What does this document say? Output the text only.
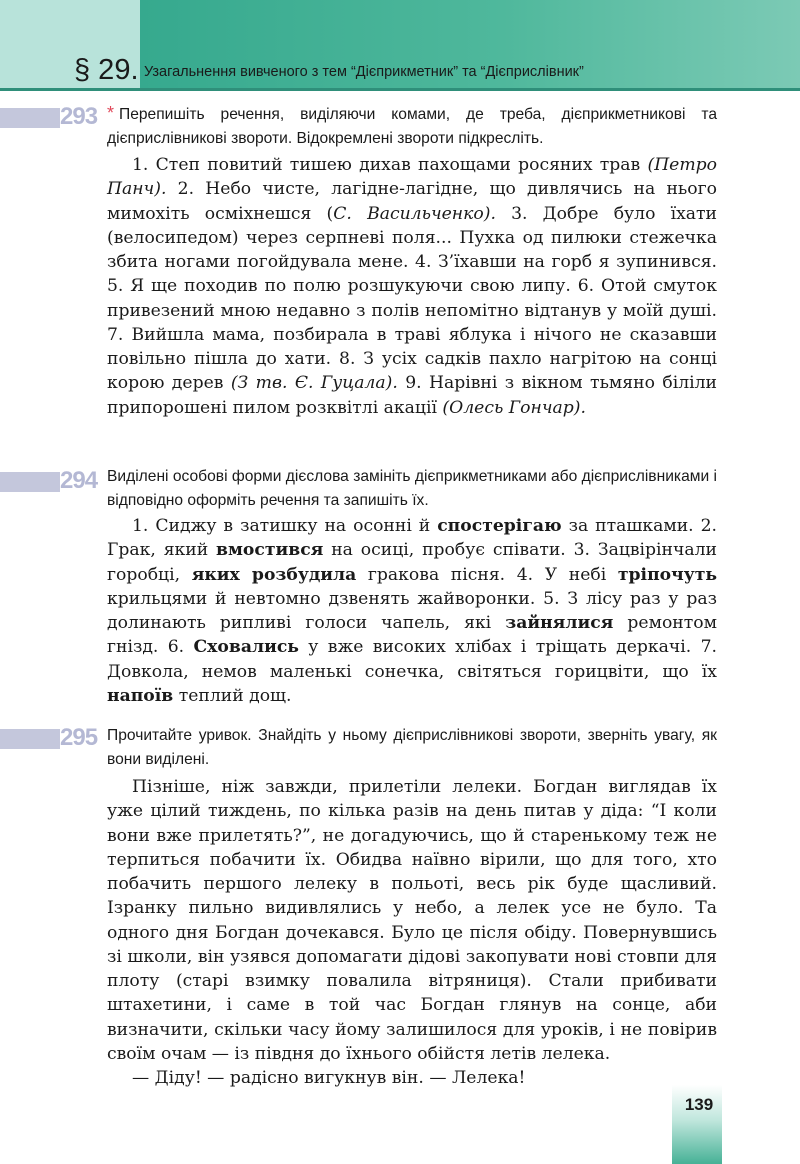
§ 29. Узагальнення вивченого з тем “Дієприкметник” та “Дієприслівник”
293 * Перепишіть речення, виділяючи комами, де треба, дієприкметникові та дієприслівникові звороти. Відокремлені звороти підкресліть.

1. Степ повитий тишею дихав пахощами росяних трав (Петро Панч). 2. Небо чисте, лагідне-лагідне, що дивлячись на нього мимохіть осміхнешся (С. Васильченко). 3. Добре було їхати (велосипедом) через серпневі поля... Пухка од пилюки стежечка збита ногами погойдувала мене. 4. З’їхавши на горб я зупинився. 5. Я ще походив по полю розшукуючи свою липу. 6. Отой смуток привезений мною недавно з полів непомітно відтанув у моїй душі. 7. Вийшла мама, позбирала в траві яблука і нічого не сказавши повільно пішла до хати. 8. З усіх садків пахло нагрітою на сонці корою дерев (З тв. Є. Гуцала). 9. Нарівні з вікном тьмяно біліли припорошені пилом розквітлі акації (Олесь Гончар).

294 Виділені особові форми дієслова замініть дієприкметниками або дієприслівниками і відповідно оформіть речення та запишіть їх.

1. Сиджу в затишку на осонні й спостерігаю за пташками. 2. Грак, який вмостився на осиці, пробує співати. 3. Зацвірінчали горобці, яких розбудила гракова пісня. 4. У небі тріпочуть крильцями й невтомно дзвенять жайворонки. 5. З лісу раз у раз долинають рипливі голоси чапель, які зайнялися ремонтом гнізд. 6. Сховались у вже високих хлібах і тріщать деркачі. 7. Довкола, немов маленькі сонечка, світяться горицвіти, що їх напоїв теплий дощ.

295 Прочитайте уривок. Знайдіть у ньому дієприслівникові звороти, зверніть увагу, як вони виділені.

Пізніше, ніж завжди, прилетіли лелеки. Богдан виглядав їх уже цілий тиждень, по кілька разів на день питав у діда: “І коли вони вже прилетять?”, не догадуючись, що й старенькому теж не терпиться побачити їх. Обидва наївно вірили, що для того, хто побачить першого лелеку в польоті, весь рік буде щасливий. Ізранку пильно видивлялись у небо, а лелек усе не було. Та одного дня Богдан дочекався. Було це після обіду. Повернувшись зі школи, він узявся допомагати дідові закопувати нові стовпи для плоту (старі взимку повалила вітряниця). Стали прибивати штахетини, і саме в той час Богдан глянув на сонце, аби визначити, скільки часу йому залишилося для уроків, і не повірив своїм очам — із півдня до їхнього обійстя летів лелека.

— Діду! — радісно вигукнув він. — Лелека!

139
